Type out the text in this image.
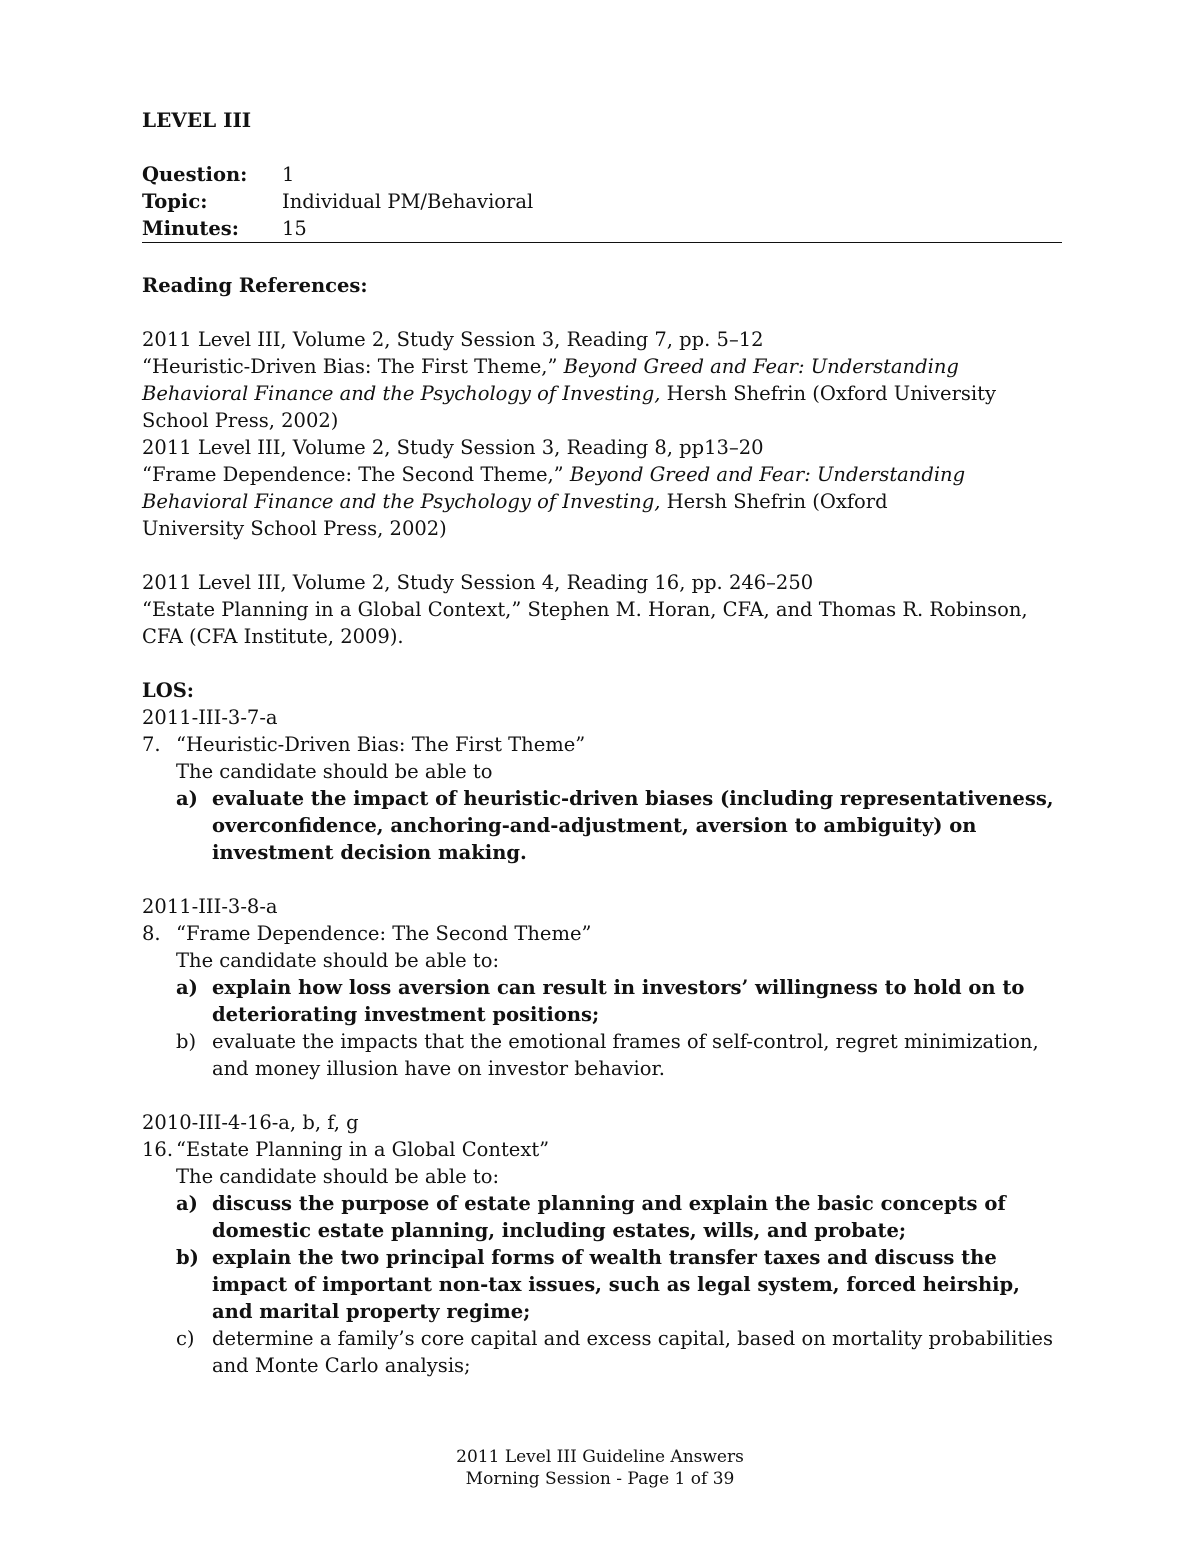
LEVEL III
Question:	1
Topic:	Individual PM/Behavioral
Minutes:	15
Reading References:

2011 Level III, Volume 2, Study Session 3, Reading 7, pp. 5–12

“Heuristic-Driven Bias: The First Theme,” Beyond Greed and Fear: Understanding Behavioral Finance and the Psychology of Investing, Hersh Shefrin (Oxford University School Press, 2002)

2011 Level III, Volume 2, Study Session 3, Reading 8, pp13–20

“Frame Dependence: The Second Theme,” Beyond Greed and Fear: Understanding Behavioral Finance and the Psychology of Investing, Hersh Shefrin (Oxford University School Press, 2002)

2011 Level III, Volume 2, Study Session 4, Reading 16, pp. 246–250

“Estate Planning in a Global Context,” Stephen M. Horan, CFA, and Thomas R. Robinson, CFA (CFA Institute, 2009).

LOS:
2011-III-3-7-a
7. “Heuristic-Driven Bias: The First Theme”
The candidate should be able to
a) evaluate the impact of heuristic-driven biases (including representativeness, overconfidence, anchoring-and-adjustment, aversion to ambiguity) on investment decision making.
2011-III-3-8-a
8. “Frame Dependence: The Second Theme”
The candidate should be able to:
a) explain how loss aversion can result in investors’ willingness to hold on to deteriorating investment positions;
b) evaluate the impacts that the emotional frames of self-control, regret minimization, and money illusion have on investor behavior.
2010-III-4-16-a, b, f, g
16. “Estate Planning in a Global Context”
The candidate should be able to:
a) discuss the purpose of estate planning and explain the basic concepts of domestic estate planning, including estates, wills, and probate;
b) explain the two principal forms of wealth transfer taxes and discuss the impact of important non-tax issues, such as legal system, forced heirship, and marital property regime;
c) determine a family’s core capital and excess capital, based on mortality probabilities and Monte Carlo analysis;
2011 Level III Guideline Answers
Morning Session - Page 1 of 39
